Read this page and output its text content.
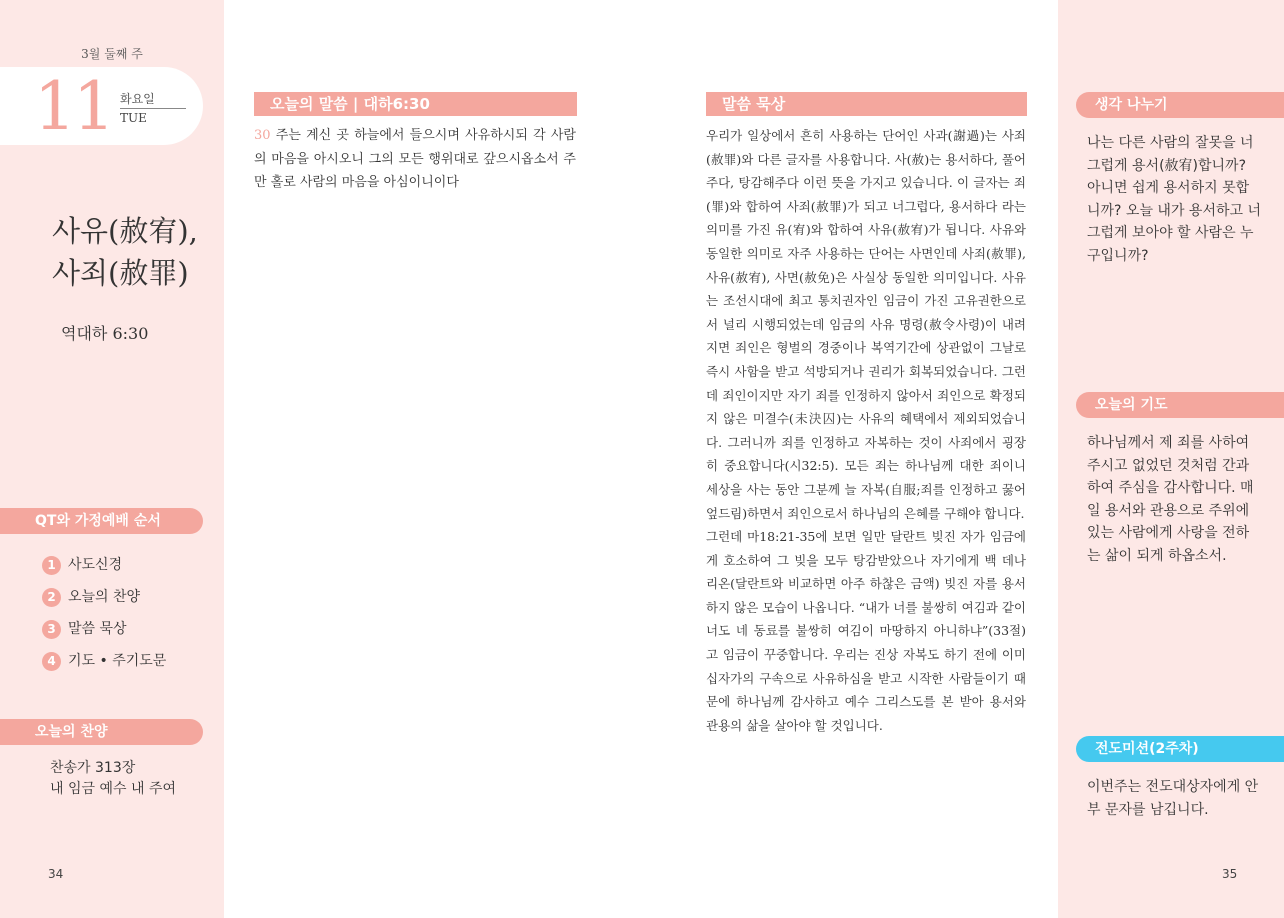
3월 둘째 주
11 화요일
TUE
사유(赦宥),
사죄(赦罪)
역대하 6:30
QT와 가정예배 순서
1 사도신경
2 오늘의 찬양
3 말씀 묵상
4 기도 • 주기도문
오늘의 찬양
찬송가 313장
내 임금 예수 내 주여
34
오늘의 말씀 | 대하6:30
30 주는 계신 곳 하늘에서 들으시며 사유하시되 각 사람의 마음을 아시오니 그의 모든 행위대로 갚으시옵소서 주만 홀로 사람의 마음을 아심이니이다
말씀 묵상

우리가 일상에서 흔히 사용하는 단어인 사과(謝過)는 사죄(赦罪)와 다른 글자를 사용합니다. 사(赦)는 용서하다, 풀어주다, 탕감해주다 이런 뜻을 가지고 있습니다. 이 글자는 죄(罪)와 합하여 사죄(赦罪)가 되고 너그럽다, 용서하다 라는 의미를 가진 유(宥)와 합하여 사유(赦宥)가 됩니다. 사유와 동일한 의미로 자주 사용하는 단어는 사면인데 사죄(赦罪), 사유(赦宥), 사면(赦免)은 사실상 동일한 의미입니다. 사유는 조선시대에 최고 통치권자인 임금이 가진 고유권한으로서 널리 시행되었는데 임금의 사유 명령(赦令사령)이 내려지면 죄인은 형벌의 경중이나 복역기간에 상관없이 그날로 즉시 사함을 받고 석방되거나 권리가 회복되었습니다. 그런데 죄인이지만 자기 죄를 인정하지 않아서 죄인으로 확정되지 않은 미결수(未決囚)는 사유의 혜택에서 제외되었습니다. 그러니까 죄를 인정하고 자복하는 것이 사죄에서 굉장히 중요합니다(시32:5). 모든 죄는 하나님께 대한 죄이니 세상을 사는 동안 그분께 늘 자복(自服;죄를 인정하고 꿇어 엎드림)하면서 죄인으로서 하나님의 은혜를 구해야 합니다.

그런데 마18:21-35에 보면 일만 달란트 빚진 자가 임금에게 호소하여 그 빚을 모두 탕감받았으나 자기에게 백 데나리온(달란트와 비교하면 아주 하찮은 금액) 빚진 자를 용서하지 않은 모습이 나옵니다. “내가 너를 불쌍히 여김과 같이 너도 네 동료를 불쌍히 여김이 마땅하지 아니하냐”(33절)고 임금이 꾸중합니다. 우리는 진상 자복도 하기 전에 이미 십자가의 구속으로 사유하심을 받고 시작한 사람들이기 때문에 하나님께 감사하고 예수 그리스도를 본 받아 용서와 관용의 삶을 살아야 할 것입니다.

생각 나누기
나는 다른 사람의 잘못을 너그럽게 용서(赦宥)합니까? 아니면 쉽게 용서하지 못합니까? 오늘 내가 용서하고 너그럽게 보아야 할 사람은 누구입니까?
오늘의 기도
하나님께서 제 죄를 사하여 주시고 없었던 것처럼 간과하여 주심을 감사합니다. 매일 용서와 관용으로 주위에 있는 사람에게 사랑을 전하는 삶이 되게 하옵소서.
전도미션(2주차)
이번주는 전도대상자에게 안부 문자를 남깁니다.
35
